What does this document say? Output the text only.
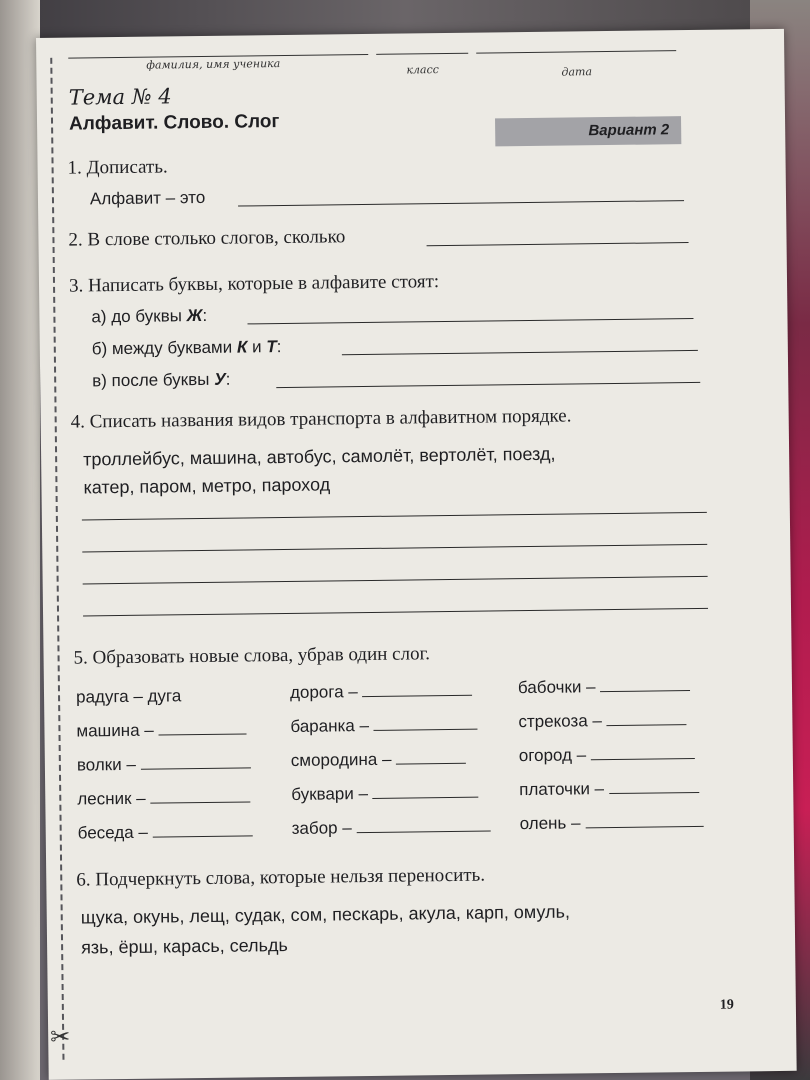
✂
фамилия, имя ученика	класс	дата
Тема № 4
Алфавит. Слово. Слог	Вариант 2
1. Дописать.
Алфавит – это
2. В слове столько слогов, сколько
3. Написать буквы, которые в алфавите стоят:
а) до буквы Ж:
б) между буквами К и Т:
в) после буквы У:
4. Списать названия видов транспорта в алфавитном порядке.
троллейбус, машина, автобус, самолёт, вертолёт, поезд,
катер, паром, метро, пароход
5. Образовать новые слова, убрав один слог.
радуга – дуга
машина –
волки –
лесник –
беседа –
дорога –
баранка –
смородина –
буквари –
забор –
бабочки –
стрекоза –
огород –
платочки –
олень –
6. Подчеркнуть слова, которые нельзя переносить.
щука, окунь, лещ, судак, сом, пескарь, акула, карп, омуль,
язь, ёрш, карась, сельдь
19
